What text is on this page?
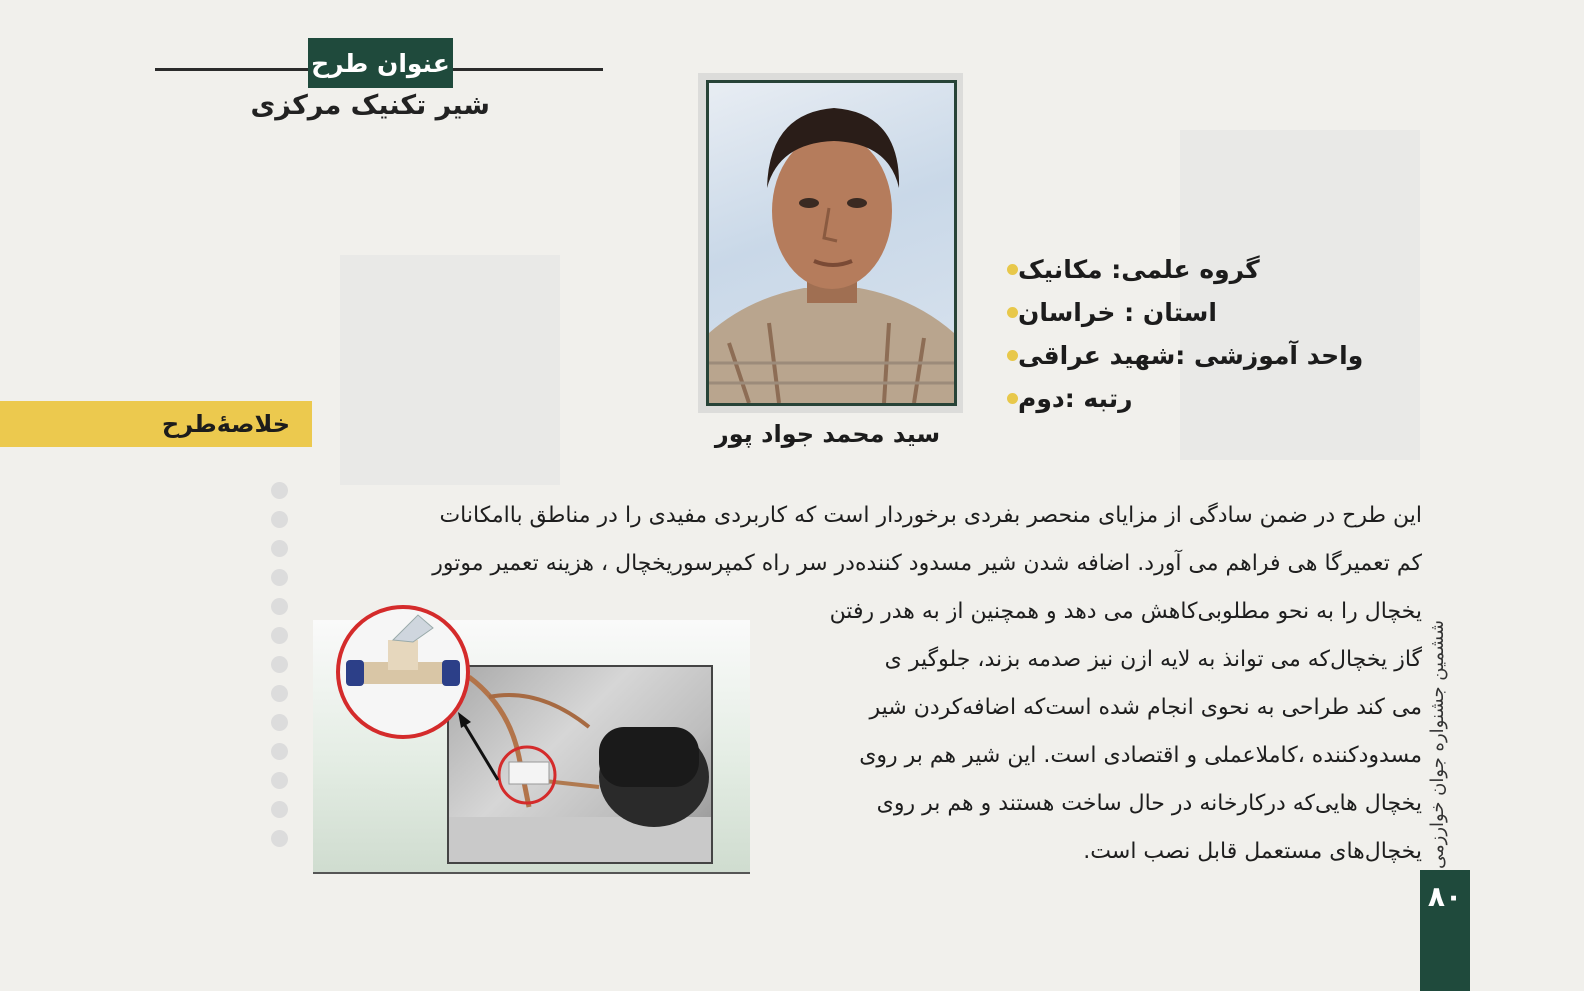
عنوان طرح
شیر تکنیک مرکزی
سید محمد جواد پور
گروه علمی: مکانیک
استان : خراسان
واحد آموزشی :شهید عراقی
رتبه :دوم
خلاصهٔ‌طرح
این طرح در ضمن سادگی از مزایای منحصر بفردی برخوردار است که کاربردی مفیدی را در مناطق باامکانات
کم تعمیرگا هی فراهم می آورد. اضافه شدن شیر مسدود کننده‌در سر راه کمپرسوریخچال ، هزینه تعمیر موتور
یخچال را به نحو مطلوبی‌کاهش می دهد و همچنین از به هدر رفتن
گاز یخچال‌که می توانذ به لایه ازن نیز صدمه بزند، جلوگیر ی
می کند طراحی به نحوی انجام شده است‌که اضافه‌کردن شیر
مسدودکننده ،کاملاعملی و اقتصادی است. این شیر هم بر روی
یخچال هایی‌که درکارخانه در حال ساخت هستند و هم بر روی
یخچال‌های مستعمل قابل نصب است. ششمین جشنواره جوان خوارزمی
۸۰
